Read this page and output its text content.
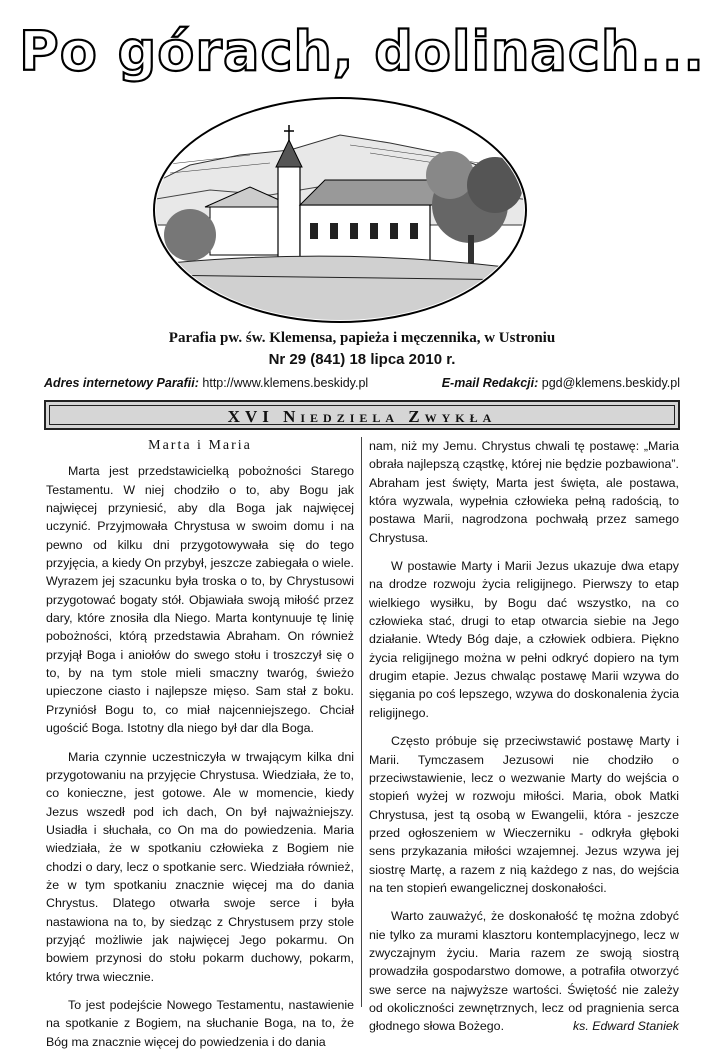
Po górach, dolinach...
Parafia pw. św. Klemensa, papieża i męczennika, w Ustroniu
Nr 29 (841) 18 lipca 2010 r.
Adres internetowy Parafii: http://www.klemens.beskidy.pl	E-mail Redakcji: pgd@klemens.beskidy.pl
XVI Niedziela Zwykła
Marta i Maria

Marta jest przedstawicielką pobożności Starego Testamentu. W niej chodziło o to, aby Bogu jak najwięcej przyniesić, aby dla Boga jak najwięcej uczynić. Przyjmowała Chrystusa w swoim domu i na pewno od kilku dni przygotowywała się do tego przyjęcia, a kiedy On przybył, jeszcze zabiegała o wiele. Wyrazem jej szacunku była troska o to, by Chrystusowi przygotować bogaty stół. Objawiała swoją miłość przez dary, które znosiła dla Niego. Marta kontynuuje tę linię pobożności, którą przedstawia Abraham. On również przyjął Boga i aniołów do swego stołu i troszczył się o to, by na tym stole mieli smaczny twaróg, świeżo upieczone ciasto i najlepsze mięso. Sam stał z boku. Przyniósł Bogu to, co miał najcenniejszego. Chciał ugościć Boga. Istotny dla niego był dar dla Boga.

Maria czynnie uczestniczyła w trwającym kilka dni przygotowaniu na przyjęcie Chrystusa. Wiedziała, że to, co konieczne, jest gotowe. Ale w momencie, kiedy Jezus wszedł pod ich dach, On był najważniejszy. Usiadła i słuchała, co On ma do powiedzenia. Maria wiedziała, że w spotkaniu człowieka z Bogiem nie chodzi o dary, lecz o spotkanie serc. Wiedziała również, że w tym spotkaniu znacznie więcej ma do dania Chrystus. Dlatego otwarła swoje serce i była nastawiona na to, by siedząc z Chrystusem przy stole przyjąć możliwie jak najwięcej Jego pokarmu. On bowiem przynosi do stołu pokarm duchowy, pokarm, który trwa wiecznie.

To jest podejście Nowego Testamentu, nastawienie na spotkanie z Bogiem, na słuchanie Boga, na to, że Bóg ma znacznie więcej do powiedzenia i do dania

nam, niż my Jemu. Chrystus chwali tę postawę: „Maria obrała najlepszą cząstkę, której nie będzie pozbawiona”. Abraham jest święty, Marta jest święta, ale postawa, która wyzwala, wypełnia człowieka pełną radością, to postawa Marii, nagrodzona pochwałą przez samego Chrystusa.

W postawie Marty i Marii Jezus ukazuje dwa etapy na drodze rozwoju życia religijnego. Pierwszy to etap wielkiego wysiłku, by Bogu dać wszystko, na co człowieka stać, drugi to etap otwarcia siebie na Jego działanie. Wtedy Bóg daje, a człowiek odbiera. Piękno życia religijnego można w pełni odkryć dopiero na tym drugim etapie. Jezus chwaląc postawę Marii wzywa do sięgania po coś lepszego, wzywa do doskonalenia życia religijnego.

Często próbuje się przeciwstawić postawę Marty i Marii. Tymczasem Jezusowi nie chodziło o przeciwstawienie, lecz o wezwanie Marty do wejścia o stopień wyżej w rozwoju miłości. Maria, obok Matki Chrystusa, jest tą osobą w Ewangelii, która - jeszcze przed ogłoszeniem w Wieczerniku - odkryła głęboki sens przykazania miłości wzajemnej. Jezus wzywa jej siostrę Martę, a razem z nią każdego z nas, do wejścia na ten stopień ewangelicznej doskonałości.

Warto zauważyć, że doskonałość tę można zdobyć nie tylko za murami klasztoru kontemplacyjnego, lecz w zwyczajnym życiu. Maria razem ze swoją siostrą prowadziła gospodarstwo domowe, a potrafiła otworzyć swe serce na najwyższe wartości. Świętość nie zależy od okoliczności zewnętrznych, lecz od pragnienia serca głodnego słowa Bożego.	ks. Edward Staniek
